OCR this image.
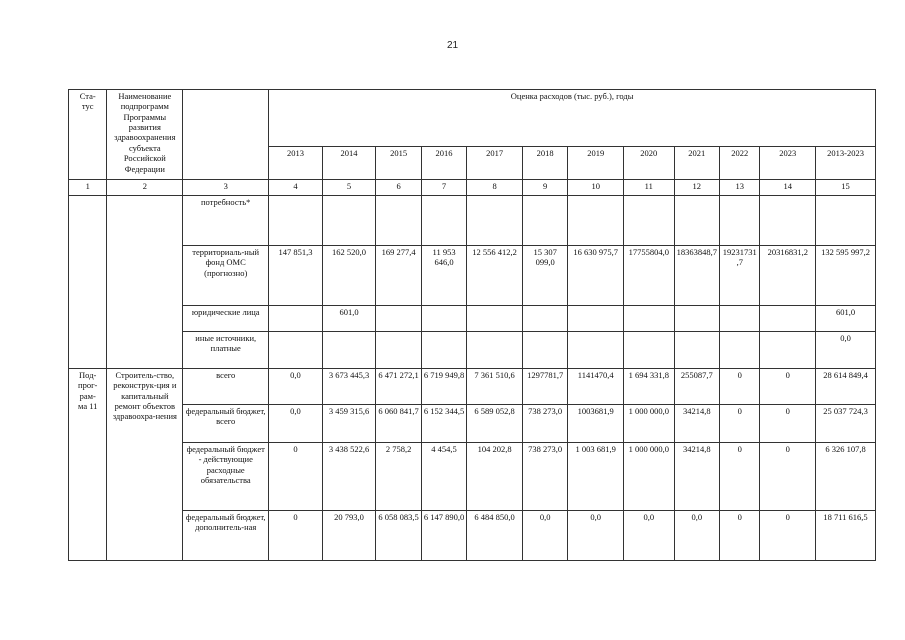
21
Ста-
тус	Наименование подпрограмм Программы развития здравоохранения субъекта Российской Федерации		Оценка расходов (тыс. руб.), годы											
			2013	2014	2015	2016	2017	2018	2019	2020	2021	2022	2023	2013-2023
1	2	3	4	5	6	7	8	9	10	11	12	13	14	15
		потребность*												
		территориаль-ный фонд ОМС (прогнозно)	147 851,3	162 520,0	169 277,4	11 953 646,0	12 556 412,2	15 307 099,0	16 630 975,7	17755804,0	18363848,7	19231731,7	20316831,2	132 595 997,2
		юридические лица		601,0										601,0
		иные источники, платные												0,0
Под-
прог-
рам-
ма 11	Строитель-ство, реконструк-ция и капитальный ремонт объектов здравоохра-нения	всего	0,0	3 673 445,3	6 471 272,1	6 719 949,8	7 361 510,6	1297781,7	1141470,4	1 694 331,8	255087,7	0	0	28 614 849,4
		федеральный бюджет, всего	0,0	3 459 315,6	6 060 841,7	6 152 344,5	6 589 052,8	738 273,0	1003681,9	1 000 000,0	34214,8	0	0	25 037 724,3
		федеральный бюджет - действующие расходные обязательства	0	3 438 522,6	2 758,2	4 454,5	104 202,8	738 273,0	1 003 681,9	1 000 000,0	34214,8	0	0	6 326 107,8
		федеральный бюджет, дополнитель-ная	0	20 793,0	6 058 083,5	6 147 890,0	6 484 850,0	0,0	0,0	0,0	0,0	0	0	18 711 616,5
